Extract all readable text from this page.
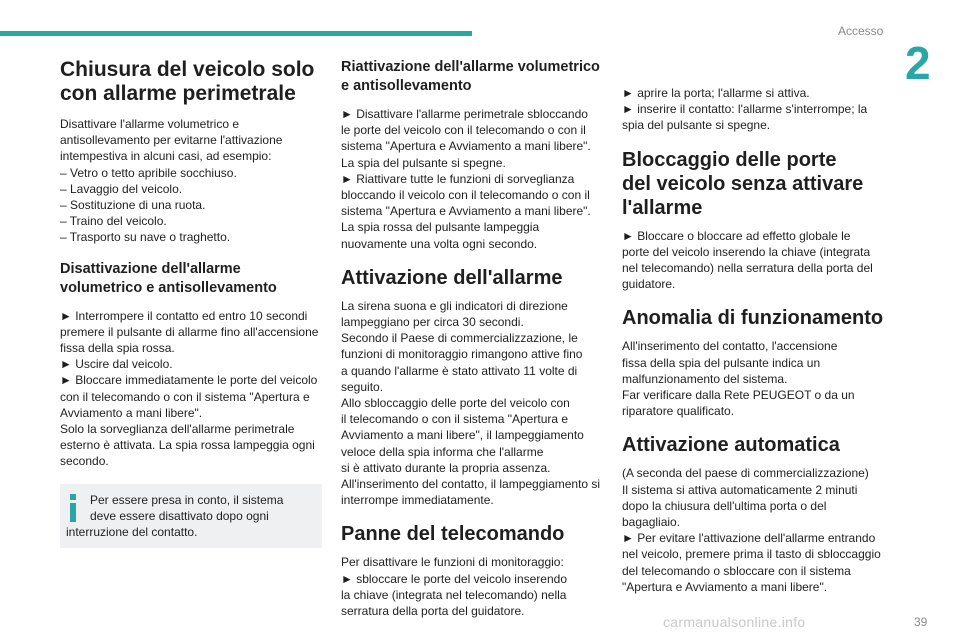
Accesso
2
Chiusura del veicolo solo
con allarme perimetrale

Disattivare l'allarme volumetrico e
antisollevamento per evitarne l'attivazione
intempestiva in alcuni casi, ad esempio:
– Vetro o tetto apribile socchiuso.
– Lavaggio del veicolo.
– Sostituzione di una ruota.
– Traino del veicolo.
– Trasporto su nave o traghetto.

Disattivazione dell'allarme
volumetrico e antisollevamento

► Interrompere il contatto ed entro 10 secondi
premere il pulsante di allarme fino all'accensione
fissa della spia rossa.
► Uscire dal veicolo.
► Bloccare immediatamente le porte del veicolo
con il telecomando o con il sistema "Apertura e
Avviamento a mani libere".
Solo la sorveglianza dell'allarme perimetrale
esterno è attivata. La spia rossa lampeggia ogni
secondo.

Per essere presa in conto, il sistema
deve essere disattivato dopo ogni

interruzione del contatto.

Riattivazione dell'allarme volumetrico
e antisollevamento

► Disattivare l'allarme perimetrale sbloccando
le porte del veicolo con il telecomando o con il
sistema "Apertura e Avviamento a mani libere".
La spia del pulsante si spegne.
► Riattivare tutte le funzioni di sorveglianza
bloccando il veicolo con il telecomando o con il
sistema "Apertura e Avviamento a mani libere".
La spia rossa del pulsante lampeggia
nuovamente una volta ogni secondo.

Attivazione dell'allarme

La sirena suona e gli indicatori di direzione
lampeggiano per circa 30 secondi.
Secondo il Paese di commercializzazione, le
funzioni di monitoraggio rimangono attive fino
a quando l'allarme è stato attivato 11 volte di
seguito.
Allo sbloccaggio delle porte del veicolo con
il telecomando o con il sistema "Apertura e
Avviamento a mani libere", il lampeggiamento
veloce della spia informa che l'allarme
si è attivato durante la propria assenza.
All'inserimento del contatto, il lampeggiamento si
interrompe immediatamente.

Panne del telecomando

Per disattivare le funzioni di monitoraggio:
► sbloccare le porte del veicolo inserendo
la chiave (integrata nel telecomando) nella
serratura della porta del guidatore.

► aprire la porta; l'allarme si attiva.
► inserire il contatto: l'allarme s'interrompe; la
spia del pulsante si spegne.

Bloccaggio delle porte
del veicolo senza attivare
l'allarme

► Bloccare o bloccare ad effetto globale le
porte del veicolo inserendo la chiave (integrata
nel telecomando) nella serratura della porta del
guidatore.

Anomalia di funzionamento

All'inserimento del contatto, l'accensione
fissa della spia del pulsante indica un
malfunzionamento del sistema.
Far verificare dalla Rete PEUGEOT o da un
riparatore qualificato.

Attivazione automatica

(A seconda del paese di commercializzazione)
Il sistema si attiva automaticamente 2 minuti
dopo la chiusura dell'ultima porta o del
bagagliaio.
► Per evitare l'attivazione dell'allarme entrando
nel veicolo, premere prima il tasto di sbloccaggio
del telecomando o sbloccare con il sistema
"Apertura e Avviamento a mani libere".

carmanualsonline.info	39
